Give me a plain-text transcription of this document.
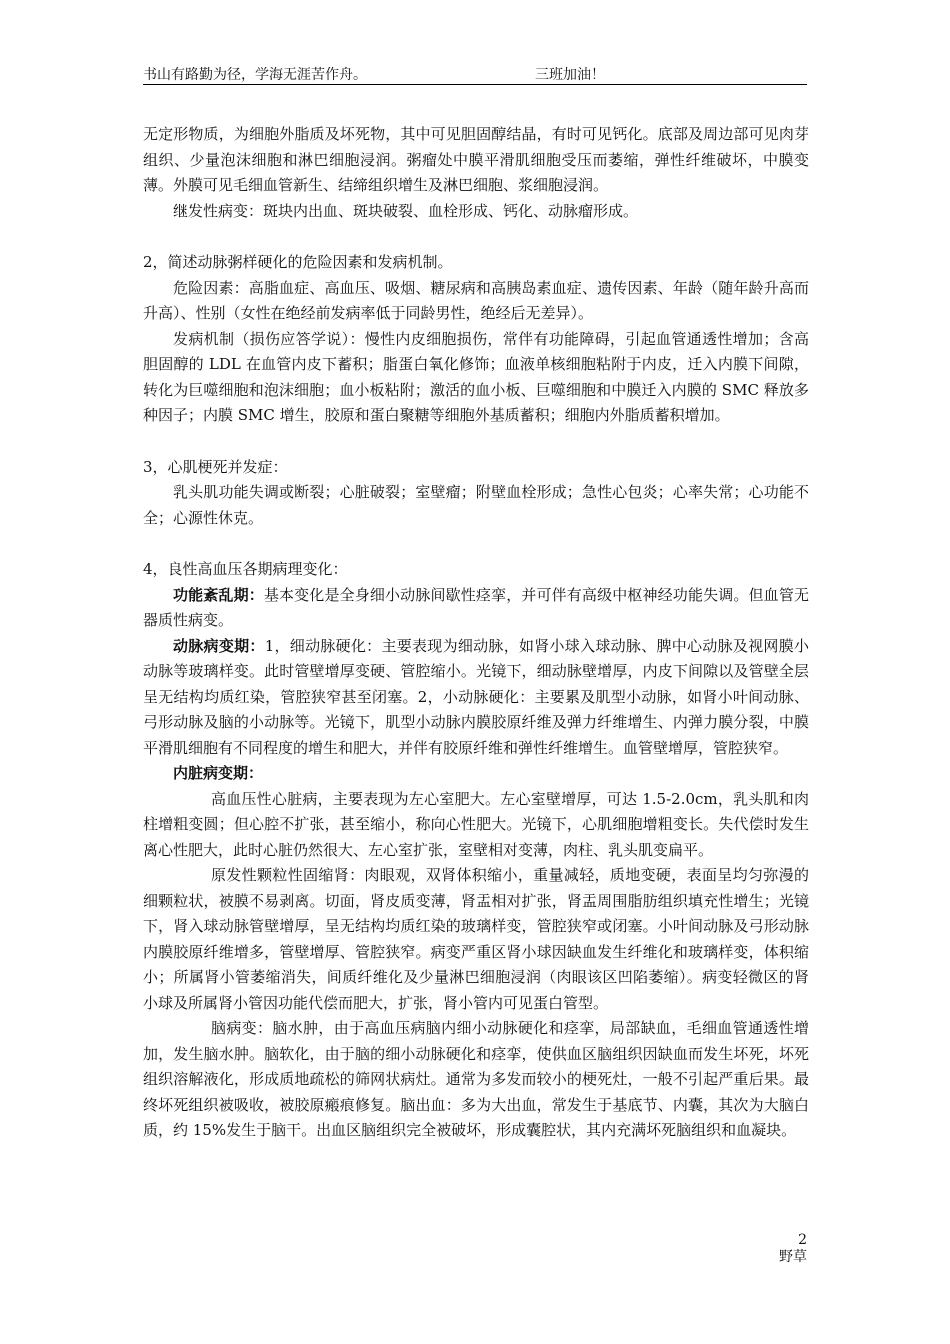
书山有路勤为径，学海无涯苦作舟。	三班加油！

无定形物质，为细胞外脂质及坏死物，其中可见胆固醇结晶，有时可见钙化。底部及周边部可见肉芽组织、少量泡沫细胞和淋巴细胞浸润。粥瘤处中膜平滑肌细胞受压而萎缩，弹性纤维破坏，中膜变薄。外膜可见毛细血管新生、结缔组织增生及淋巴细胞、浆细胞浸润。

继发性病变：斑块内出血、斑块破裂、血栓形成、钙化、动脉瘤形成。

2，简述动脉粥样硬化的危险因素和发病机制。

危险因素：高脂血症、高血压、吸烟、糖尿病和高胰岛素血症、遗传因素、年龄（随年龄升高而升高）、性别（女性在绝经前发病率低于同龄男性，绝经后无差异）。

发病机制（损伤应答学说）：慢性内皮细胞损伤，常伴有功能障碍，引起血管通透性增加；含高胆固醇的 LDL 在血管内皮下蓄积；脂蛋白氧化修饰；血液单核细胞粘附于内皮，迁入内膜下间隙，转化为巨噬细胞和泡沫细胞；血小板粘附；激活的血小板、巨噬细胞和中膜迁入内膜的 SMC 释放多种因子；内膜 SMC 增生，胶原和蛋白聚糖等细胞外基质蓄积；细胞内外脂质蓄积增加。

3，心肌梗死并发症：

乳头肌功能失调或断裂；心脏破裂；室壁瘤；附壁血栓形成；急性心包炎；心率失常；心功能不全；心源性休克。

4，良性高血压各期病理变化：

功能紊乱期：基本变化是全身细小动脉间歇性痉挛，并可伴有高级中枢神经功能失调。但血管无器质性病变。

动脉病变期：1，细动脉硬化：主要表现为细动脉，如肾小球入球动脉、脾中心动脉及视网膜小动脉等玻璃样变。此时管壁增厚变硬、管腔缩小。光镜下，细动脉壁增厚，内皮下间隙以及管壁全层呈无结构均质红染，管腔狭窄甚至闭塞。2，小动脉硬化：主要累及肌型小动脉，如肾小叶间动脉、弓形动脉及脑的小动脉等。光镜下，肌型小动脉内膜胶原纤维及弹力纤维增生、内弹力膜分裂，中膜平滑肌细胞有不同程度的增生和肥大，并伴有胶原纤维和弹性纤维增生。血管壁增厚，管腔狭窄。

内脏病变期：

高血压性心脏病，主要表现为左心室肥大。左心室壁增厚，可达 1.5-2.0cm，乳头肌和肉柱增粗变圆；但心腔不扩张，甚至缩小，称向心性肥大。光镜下，心肌细胞增粗变长。失代偿时发生离心性肥大，此时心脏仍然很大、左心室扩张，室壁相对变薄，肉柱、乳头肌变扁平。

原发性颗粒性固缩肾：肉眼观，双肾体积缩小，重量减轻，质地变硬，表面呈均匀弥漫的细颗粒状，被膜不易剥离。切面，肾皮质变薄，肾盂相对扩张，肾盂周围脂肪组织填充性增生；光镜下，肾入球动脉管壁增厚，呈无结构均质红染的玻璃样变，管腔狭窄或闭塞。小叶间动脉及弓形动脉内膜胶原纤维增多，管壁增厚、管腔狭窄。病变严重区肾小球因缺血发生纤维化和玻璃样变，体积缩小；所属肾小管萎缩消失，间质纤维化及少量淋巴细胞浸润（肉眼该区凹陷萎缩）。病变轻微区的肾小球及所属肾小管因功能代偿而肥大，扩张，肾小管内可见蛋白管型。

脑病变：脑水肿，由于高血压病脑内细小动脉硬化和痉挛，局部缺血，毛细血管通透性增加，发生脑水肿。脑软化，由于脑的细小动脉硬化和痉挛，使供血区脑组织因缺血而发生坏死，坏死组织溶解液化，形成质地疏松的筛网状病灶。通常为多发而较小的梗死灶，一般不引起严重后果。最终坏死组织被吸收，被胶原瘢痕修复。脑出血：多为大出血，常发生于基底节、内囊，其次为大脑白质，约 15%发生于脑干。出血区脑组织完全被破坏，形成囊腔状，其内充满坏死脑组织和血凝块。

2
野草
